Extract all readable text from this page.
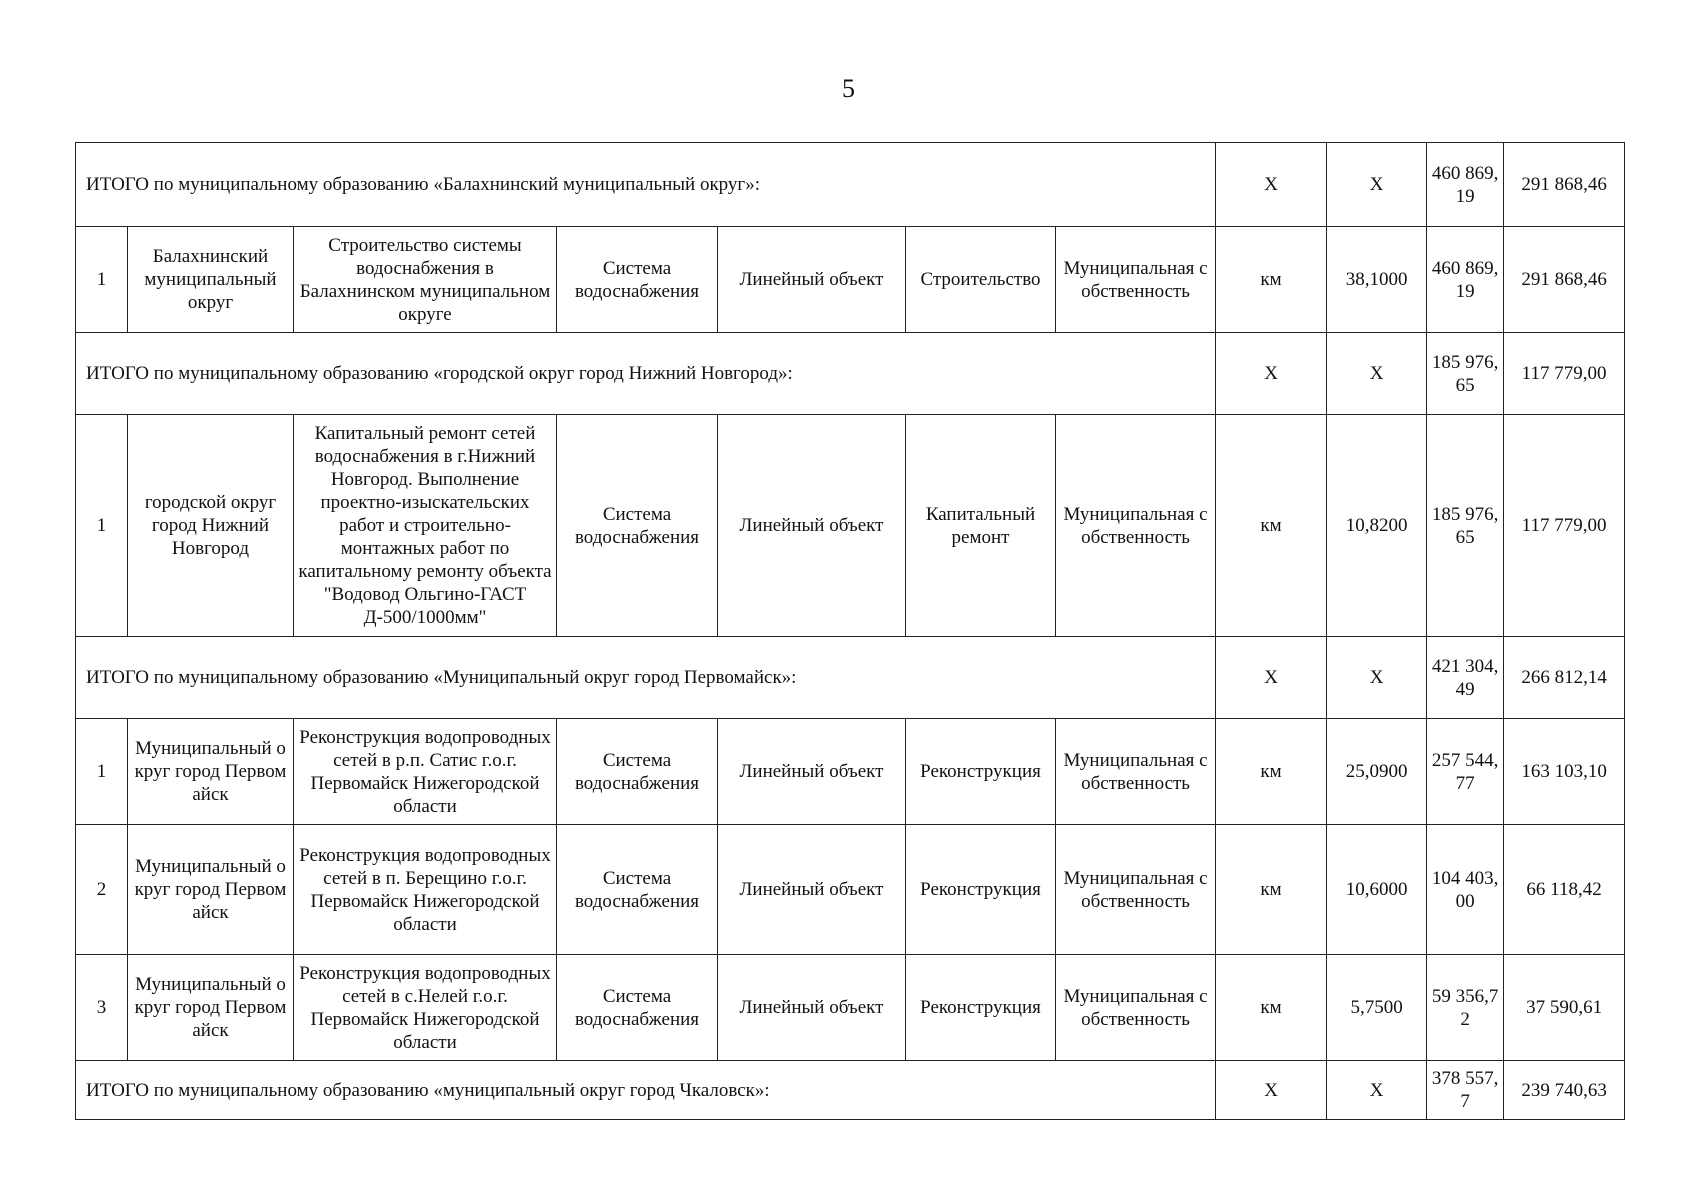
5
ИТОГО по муниципальному образованию «Балахнинский муниципальный округ»:							Х	Х	460 869,19	291 868,46
1	Балахнинский муниципальный округ	Строительство системы водоснабжения в Балахнинском муниципальном округе	Система водоснабжения	Линейный объект	Строительство	Муниципальная собственность	км	38,1000	460 869,19	291 868,46
ИТОГО по муниципальному образованию «городской округ город Нижний Новгород»:							Х	Х	185 976,65	117 779,00
1	городской округ город Нижний Новгород	Капитальный ремонт сетей водоснабжения в г.Нижний Новгород. Выполнение проектно-изыскательских работ и строительно-монтажных работ по капитальному ремонту объекта "Водовод Ольгино-ГАСТ Д-500/1000мм"	Система водоснабжения	Линейный объект	Капитальный ремонт	Муниципальная собственность	км	10,8200	185 976,65	117 779,00
ИТОГО по муниципальному образованию «Муниципальный округ город Первомайск»:							Х	Х	421 304,49	266 812,14
1	Муниципальный округ город Первомайск	Реконструкция водопроводных сетей в р.п. Сатис г.о.г. Первомайск Нижегородской области	Система водоснабжения	Линейный объект	Реконструкция	Муниципальная собственность	км	25,0900	257 544,77	163 103,10
2	Муниципальный округ город Первомайск	Реконструкция водопроводных сетей в п. Берещино г.о.г. Первомайск Нижегородской области	Система водоснабжения	Линейный объект	Реконструкция	Муниципальная собственность	км	10,6000	104 403,00	66 118,42
3	Муниципальный округ город Первомайск	Реконструкция водопроводных сетей в с.Нелей г.о.г. Первомайск Нижегородской области	Система водоснабжения	Линейный объект	Реконструкция	Муниципальная собственность	км	5,7500	59 356,72	37 590,61
ИТОГО по муниципальному образованию «муниципальный округ город Чкаловск»:							Х	Х	378 557,7	239 740,63
